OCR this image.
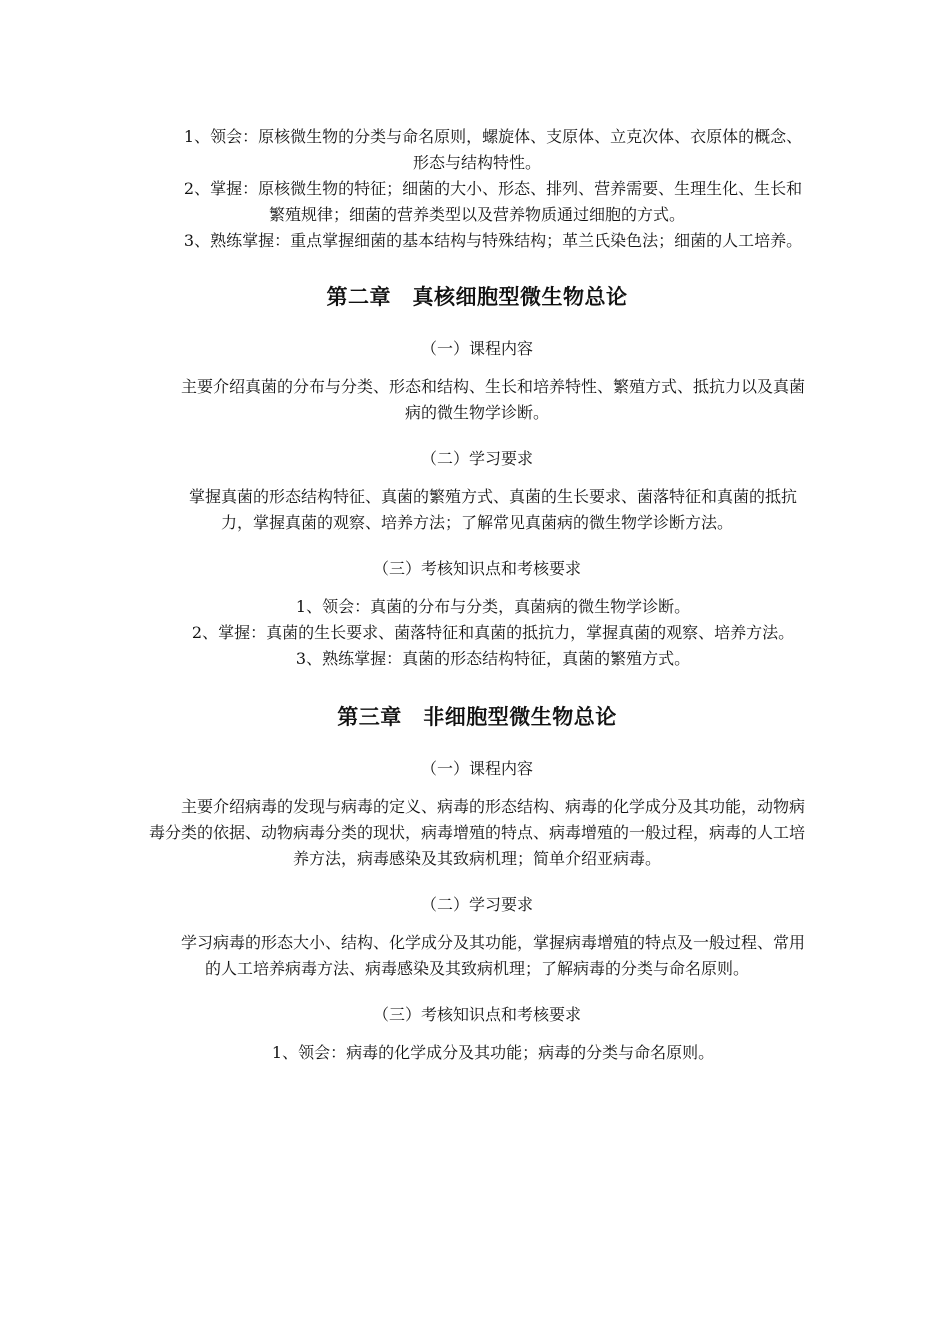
1、领会：原核微生物的分类与命名原则，螺旋体、支原体、立克次体、衣原体的概念、形态与结构特性。

2、掌握：原核微生物的特征；细菌的大小、形态、排列、营养需要、生理生化、生长和繁殖规律；细菌的营养类型以及营养物质通过细胞的方式。

3、熟练掌握：重点掌握细菌的基本结构与特殊结构；革兰氏染色法；细菌的人工培养。

第二章　真核细胞型微生物总论

（一）课程内容

主要介绍真菌的分布与分类、形态和结构、生长和培养特性、繁殖方式、抵抗力以及真菌病的微生物学诊断。

（二）学习要求

掌握真菌的形态结构特征、真菌的繁殖方式、真菌的生长要求、菌落特征和真菌的抵抗力，掌握真菌的观察、培养方法；了解常见真菌病的微生物学诊断方法。

（三）考核知识点和考核要求

1、领会：真菌的分布与分类，真菌病的微生物学诊断。

2、掌握：真菌的生长要求、菌落特征和真菌的抵抗力，掌握真菌的观察、培养方法。

3、熟练掌握：真菌的形态结构特征，真菌的繁殖方式。

第三章　非细胞型微生物总论

（一）课程内容

主要介绍病毒的发现与病毒的定义、病毒的形态结构、病毒的化学成分及其功能，动物病毒分类的依据、动物病毒分类的现状，病毒增殖的特点、病毒增殖的一般过程，病毒的人工培养方法，病毒感染及其致病机理；简单介绍亚病毒。

（二）学习要求

学习病毒的形态大小、结构、化学成分及其功能，掌握病毒增殖的特点及一般过程、常用的人工培养病毒方法、病毒感染及其致病机理；了解病毒的分类与命名原则。

（三）考核知识点和考核要求

1、领会：病毒的化学成分及其功能；病毒的分类与命名原则。
